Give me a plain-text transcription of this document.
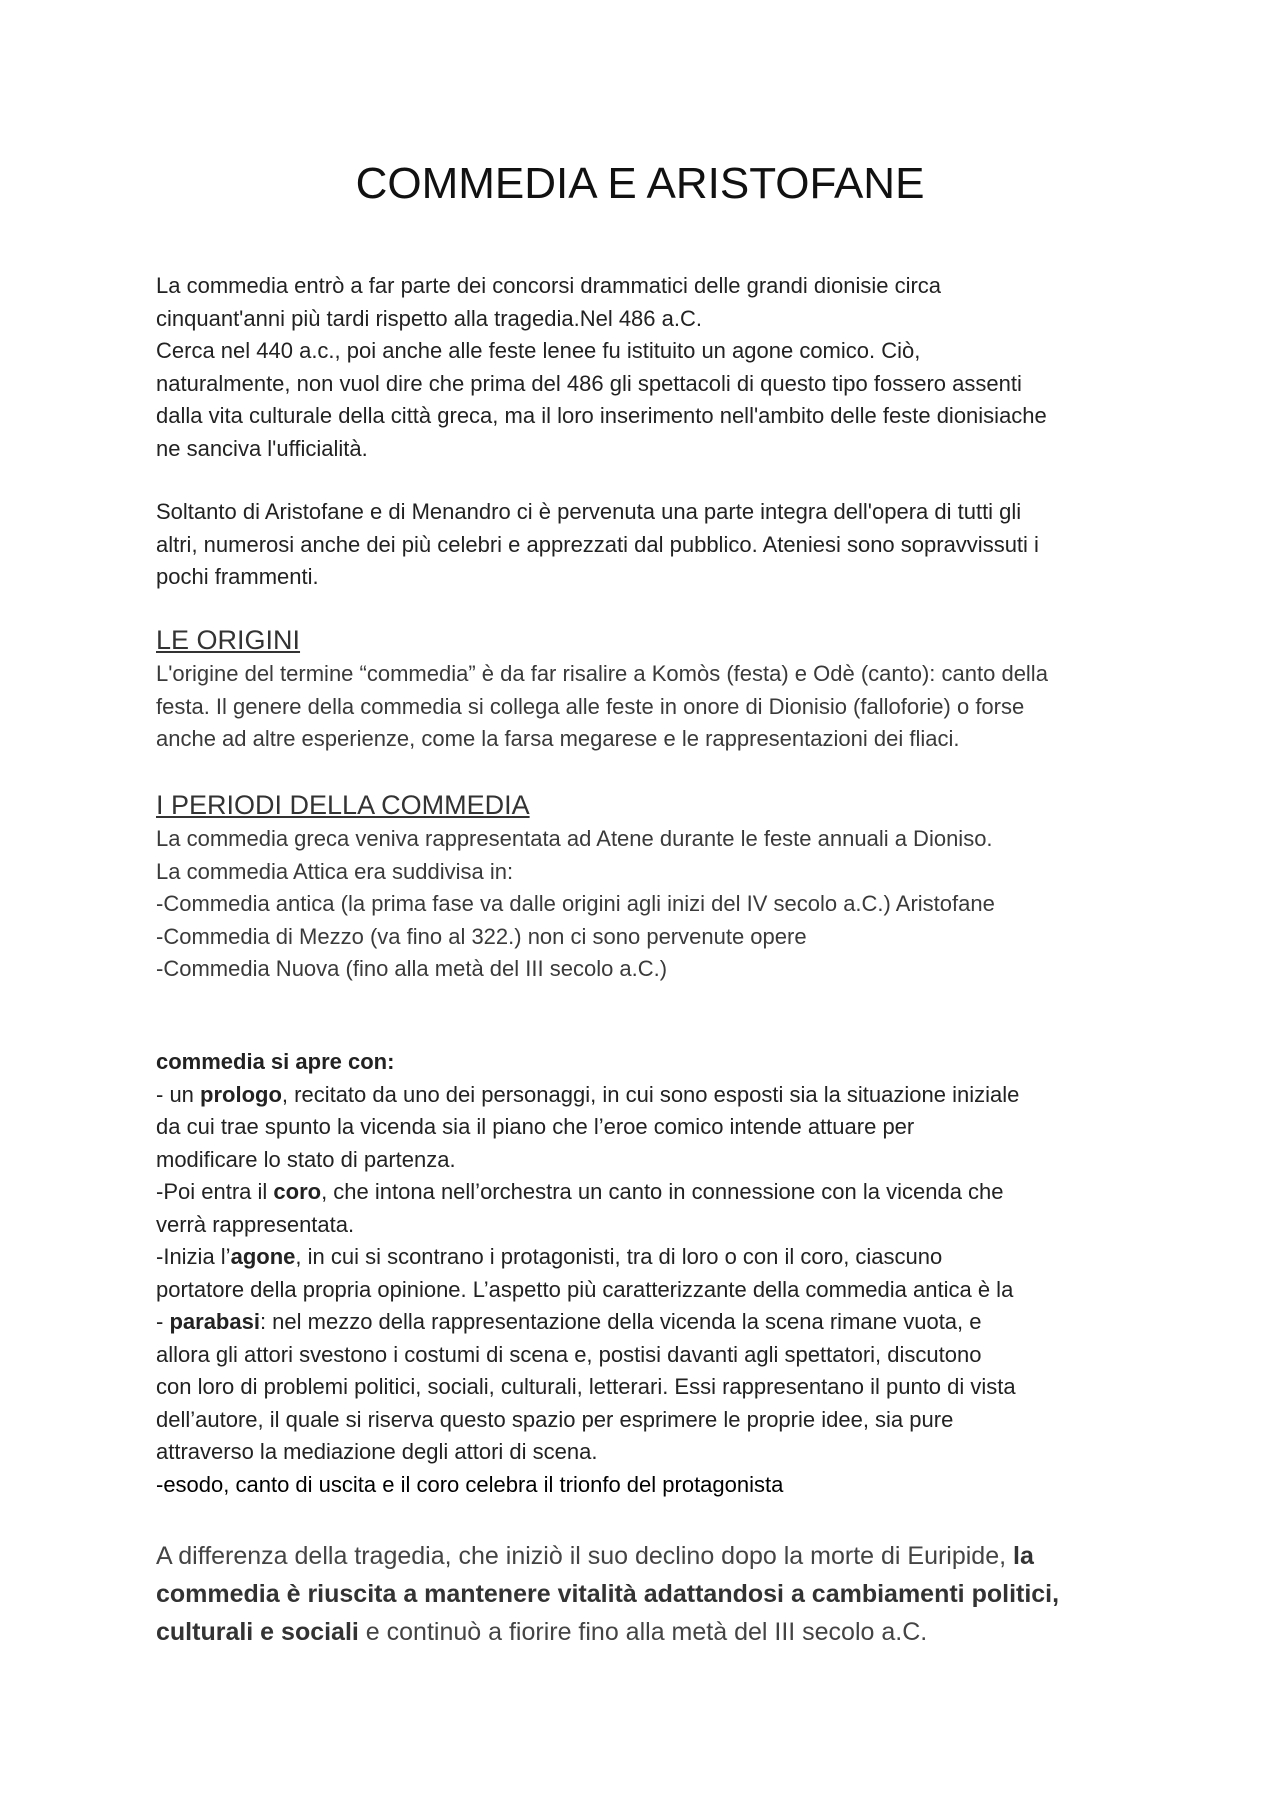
COMMEDIA E ARISTOFANE

La commedia entrò a far parte dei concorsi drammatici delle grandi dionisie circa

cinquant'anni più tardi rispetto alla tragedia.Nel 486 a.C.

Cerca nel 440 a.c., poi anche alle feste lenee fu istituito un agone comico. Ciò,

naturalmente, non vuol dire che prima del 486 gli spettacoli di questo tipo fossero assenti

dalla vita culturale della città greca, ma il loro inserimento nell'ambito delle feste dionisiache

ne sanciva l'ufficialità.

Soltanto di Aristofane e di Menandro ci è pervenuta una parte integra dell'opera di tutti gli

altri, numerosi anche dei più celebri e apprezzati dal pubblico. Ateniesi sono sopravvissuti i

pochi frammenti.

LE ORIGINI

L'origine del termine “commedia” è da far risalire a Komòs (festa) e Odè (canto): canto della

festa. Il genere della commedia si collega alle feste in onore di Dionisio (falloforie) o forse

anche ad altre esperienze, come la farsa megarese e le rappresentazioni dei fliaci.

I PERIODI DELLA COMMEDIA

La commedia greca veniva rappresentata ad Atene durante le feste annuali a Dioniso.

La commedia Attica era suddivisa in:

-Commedia antica (la prima fase va dalle origini agli inizi del IV secolo a.C.) Aristofane

-Commedia di Mezzo (va fino al 322.) non ci sono pervenute opere

-Commedia Nuova (fino alla metà del III secolo a.C.)

commedia si apre con:

- un prologo, recitato da uno dei personaggi, in cui sono esposti sia la situazione iniziale

da cui trae spunto la vicenda sia il piano che l’eroe comico intende attuare per

modificare lo stato di partenza.

-Poi entra il coro, che intona nell’orchestra un canto in connessione con la vicenda che

verrà rappresentata.

-Inizia l’agone, in cui si scontrano i protagonisti, tra di loro o con il coro, ciascuno

portatore della propria opinione. L’aspetto più caratterizzante della commedia antica è la

- parabasi: nel mezzo della rappresentazione della vicenda la scena rimane vuota, e

allora gli attori svestono i costumi di scena e, postisi davanti agli spettatori, discutono

con loro di problemi politici, sociali, culturali, letterari. Essi rappresentano il punto di vista

dell’autore, il quale si riserva questo spazio per esprimere le proprie idee, sia pure

attraverso la mediazione degli attori di scena.

-esodo, canto di uscita e il coro celebra il trionfo del protagonista

A differenza della tragedia, che iniziò il suo declino dopo la morte di Euripide, la commedia è riuscita a mantenere vitalità adattandosi a cambiamenti politici, culturali e sociali e continuò a fiorire fino alla metà del III secolo a.C.
